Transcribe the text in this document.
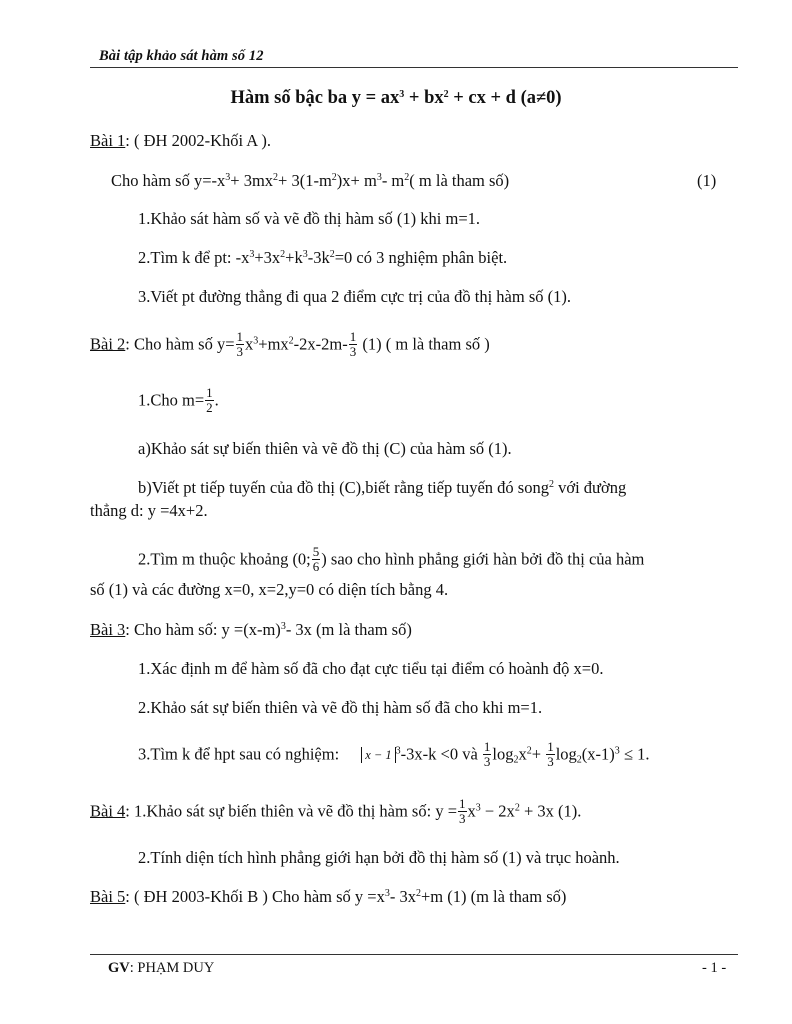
Bài tập khảo sát hàm số 12
Hàm số bậc ba $y = ax^3 + bx^2$ + cx + d (a≠0)
Bài 1: ( ĐH 2002-Khối A ).
Cho hàm số $y=-x^3+ 3mx^2+ 3(1-m^2)x+ m^3-$ $m^2$( m là tham số)	(1)
1.Khảo sát hàm số và vẽ đồ thị hàm số (1) khi m=1.
2.Tìm k để pt: $-x^3+3x^2+k^3-3k^2=0$ có 3 nghiệm phân biệt.
3.Viết pt đường thẳng đi qua 2 điểm cực trị của đồ thị hàm số (1).
Bài 2: Cho hàm số $y= \frac{1}{3} x^3+mx^2-2x-2m- \frac{1}{3} (1)$ ( m là tham số )
1.Cho $m= \frac{1}{2}$ .
a)Khảo sát sự biến thiên và vẽ đồ thị (C) của hàm số (1).
b)Viết pt tiếp tuyến của đồ thị (C),biết rằng tiếp tuyến đó song$^2$ với đường
thẳng d: y =4x+2.
2.Tìm m thuộc khoảng (0; $\frac{5}{6}$ ) sao cho hình phẳng giới hàn bởi đồ thị của hàm
số (1) và các đường x=0, x=2,y=0 có diện tích bằng 4.
Bài 3: Cho hàm số: $y =(x-m)^3-$ 3x (m là tham số)
1.Xác định m để hàm số đã cho đạt cực tiểu tại điểm có hoành độ x=0.
2.Khảo sát sự biến thiên và vẽ đồ thị hàm số đã cho khi m=1.
3.Tìm k để hpt sau có nghiệm: x − 1 $^3$-3x-k <0 và $\frac{1}{3} \log_2x^2+ \frac{1}{3} \log_2(x-1)^3 \le 1$.
Bài 4: 1.Khảo sát sự biến thiên và vẽ đồ thị hàm số: $y = \frac{1}{3} x^3 - 2x^2 + 3x$ (1).
2.Tính diện tích hình phẳng giới hạn bởi đồ thị hàm số (1) và trục hoành.
Bài 5: ( ĐH 2003-Khối B ) Cho hàm số $y =x^3-$ $3x^2+m$ (1) (m là tham số)
GV: PHẠM DUY	- 1 -
